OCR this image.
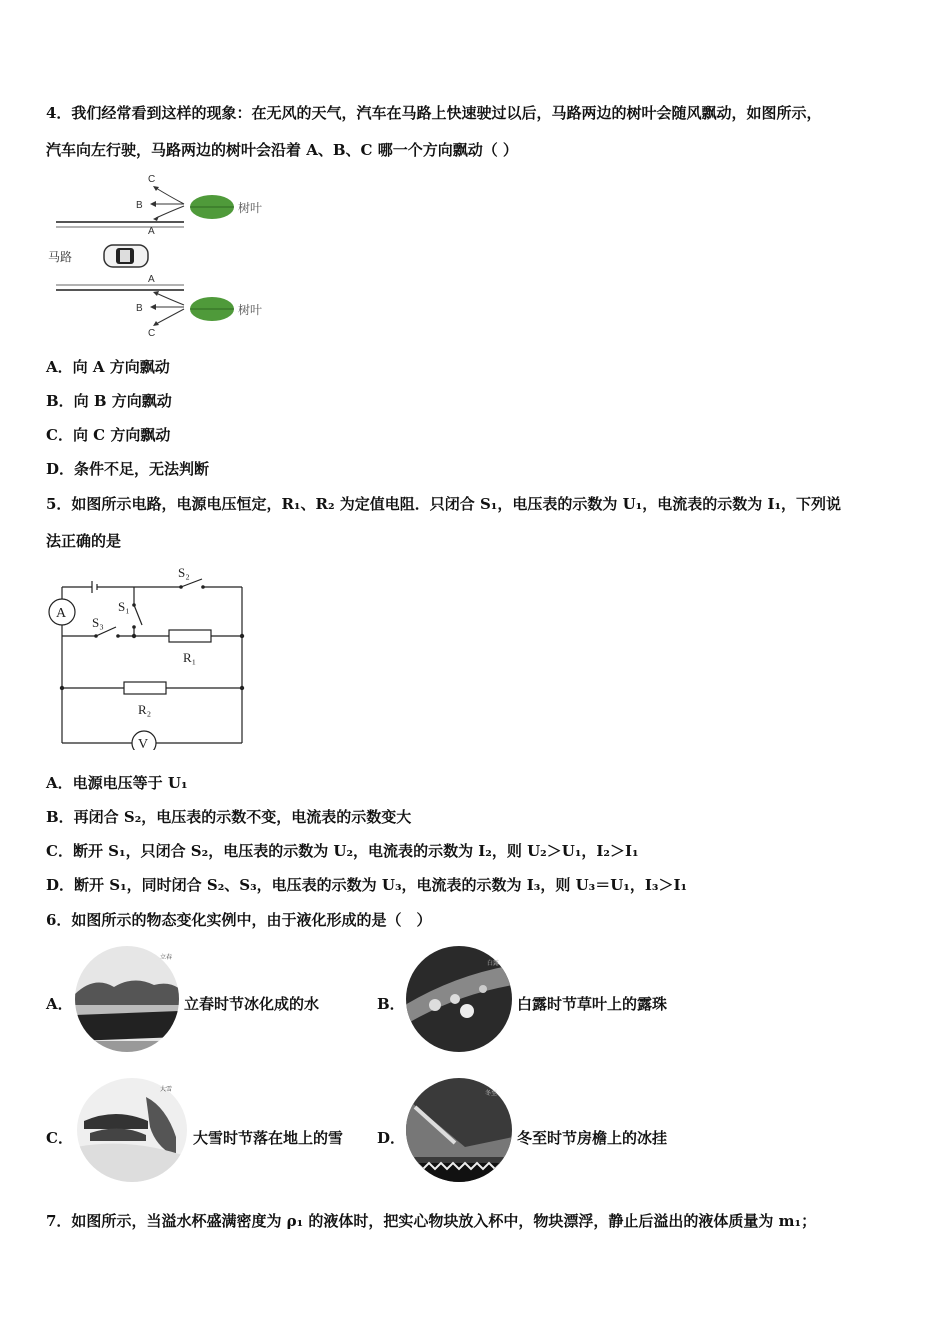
4．我们经常看到这样的现象：在无风的天气，汽车在马路上快速驶过以后，马路两边的树叶会随风飘动，如图所示，
汽车向左行驶，马路两边的树叶会沿着 A、B、C 哪一个方向飘动（ ）
C
B
A
A
B
C
马路
树叶
树叶
A．向 A 方向飘动
B．向 B 方向飘动
C．向 C 方向飘动
D．条件不足，无法判断
5．如图所示电路，电源电压恒定，R₁、R₂ 为定值电阻．只闭合 S₁，电压表的示数为 U₁，电流表的示数为 I₁，下列说
法正确的是
A
V
S₂
S₁
S₃
R₁
R₂
A．电源电压等于 U₁
B．再闭合 S₂，电压表的示数不变，电流表的示数变大
C．断开 S₁，只闭合 S₂，电压表的示数为 U₂，电流表的示数为 I₂，则 U₂＞U₁，I₂＞I₁
D．断开 S₁，同时闭合 S₂、S₃，电压表的示数为 U₃，电流表的示数为 I₃，则 U₃＝U₁，I₃＞I₁
6．如图所示的物态变化实例中，由于液化形成的是（　）
A．
立春
立春时节冰化成的水	B．
白露
白露时节草叶上的露珠
C．
大雪
大雪时节落在地上的雪 D．
冬至
冬至时节房檐上的冰挂
7．如图所示，当溢水杯盛满密度为 ρ₁ 的液体时，把实心物块放入杯中，物块漂浮，静止后溢出的液体质量为 m₁；
